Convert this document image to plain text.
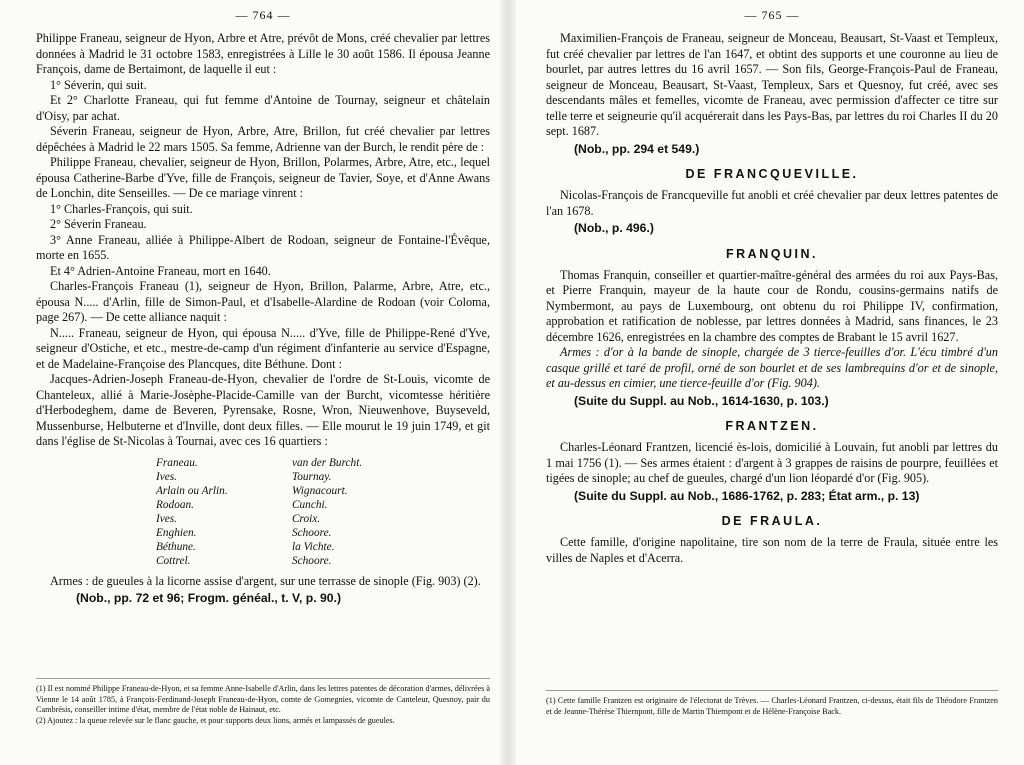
— 764 —

Philippe Franeau, seigneur de Hyon, Arbre et Atre, prévôt de Mons, créé chevalier par lettres données à Madrid le 31 octobre 1583, enregistrées à Lille le 30 août 1586. Il épousa Jeanne François, dame de Bertaimont, de laquelle il eut :

1° Séverin, qui suit.

Et 2° Charlotte Franeau, qui fut femme d'Antoine de Tournay, seigneur et châtelain d'Oisy, par achat.

Séverin Franeau, seigneur de Hyon, Arbre, Atre, Brillon, fut créé chevalier par lettres dépêchées à Madrid le 22 mars 1505. Sa femme, Adrienne van der Burch, le rendit père de :

Philippe Franeau, chevalier, seigneur de Hyon, Brillon, Polarmes, Arbre, Atre, etc., lequel épousa Catherine-Barbe d'Yve, fille de François, seigneur de Tavier, Soye, et d'Anne Awans de Lonchin, dite Senseilles. — De ce mariage vinrent :

1° Charles-François, qui suit.

2° Séverin Franeau.

3° Anne Franeau, alliée à Philippe-Albert de Rodoan, seigneur de Fontaine-l'Évêque, morte en 1655.

Et 4° Adrien-Antoine Franeau, mort en 1640.

Charles-François Franeau (1), seigneur de Hyon, Brillon, Palarme, Arbre, Atre, etc., épousa N..... d'Arlin, fille de Simon-Paul, et d'Isabelle-Alardine de Rodoan (voir Coloma, page 267). — De cette alliance naquit :

N..... Franeau, seigneur de Hyon, qui épousa N..... d'Yve, fille de Philippe-René d'Yve, seigneur d'Ostiche, et etc., mestre-de-camp d'un régiment d'infanterie au service d'Espagne, et de Madelaine-Françoise des Plancques, dite Béthune. Dont :

Jacques-Adrien-Joseph Franeau-de-Hyon, chevalier de l'ordre de St-Louis, vicomte de Chanteleux, allié à Marie-Josèphe-Placide-Camille van der Burcht, vicomtesse héritière d'Herbodeghem, dame de Beveren, Pyrensake, Rosne, Wron, Nieuwenhove, Buyseveld, Mussenburse, Helbuterne et d'Inville, dont deux filles. — Elle mourut le 19 juin 1749, et git dans l'église de St-Nicolas à Tournai, avec ces 16 quartiers :

Franeau.	van der Burcht.
Ives.	Tournay.
Arlain ou Arlin.	Wignacourt.
Rodoan.	Cunchi.
Ives.	Croix.
Enghien.	Schoore.
Béthune.	la Vichte.
Cottrel.	Schoore.

Armes : de gueules à la licorne assise d'argent, sur une terrasse de sinople (Fig. 903) (2).

(Nob., pp. 72 et 96; Frogm. généal., t. V, p. 90.)

(1) Il est nommé Philippe Franeau-de-Hyon, et sa femme Anne-Isabelle d'Arlin, dans les lettres patentes de décoration d'armes, délivrées à Vienne le 14 août 1785, à François-Ferdinand-Joseph Franeau-de-Hyon, comte de Gomegnies, vicomte de Canteleur, Quesnoy, pair du Cambrésis, conseiller intime d'état, membre de l'état noble de Hainaut, etc.

(2) Ajoutez : la queue relevée sur le flanc gauche, et pour supports deux lions, armés et lampassés de gueules.

— 765 —

Maximilien-François de Franeau, seigneur de Monceau, Beausart, St-Vaast et Templeux, fut créé chevalier par lettres de l'an 1647, et obtint des supports et une couronne au lieu de bourlet, par autres lettres du 16 avril 1657. — Son fils, George-François-Paul de Franeau, seigneur de Monceau, Beausart, St-Vaast, Templeux, Sars et Quesnoy, fut créé, avec ses descendants mâles et femelles, vicomte de Franeau, avec permission d'affecter ce titre sur telle terre et seigneurie qu'il acquérerait dans les Pays-Bas, par lettres du roi Charles II du 20 sept. 1687.

(Nob., pp. 294 et 549.)

DE FRANCQUEVILLE.

Nicolas-François de Francqueville fut anobli et créé chevalier par deux lettres patentes de l'an 1678.

(Nob., p. 496.)

FRANQUIN.

Thomas Franquin, conseiller et quartier-maître-général des armées du roi aux Pays-Bas, et Pierre Franquin, mayeur de la haute cour de Rondu, cousins-germains natifs de Nymbermont, au pays de Luxembourg, ont obtenu du roi Philippe IV, confirmation, approbation et ratification de noblesse, par lettres données à Madrid, sans finances, le 23 décembre 1626, enregistrées en la chambre des comptes de Brabant le 15 avril 1627.

Armes : d'or à la bande de sinople, chargée de 3 tierce-feuilles d'or. L'écu timbré d'un casque grillé et taré de profil, orné de son bourlet et de ses lambrequins d'or et de sinople, et au-dessus en cimier, une tierce-feuille d'or (Fig. 904).

(Suite du Suppl. au Nob., 1614-1630, p. 103.)

FRANTZEN.

Charles-Léonard Frantzen, licencié ès-lois, domicilié à Louvain, fut anobli par lettres du 1 mai 1756 (1). — Ses armes étaient : d'argent à 3 grappes de raisins de pourpre, feuillées et tigées de sinople; au chef de gueules, chargé d'un lion léopardé d'or (Fig. 905).

(Suite du Suppl. au Nob., 1686-1762, p. 283; État arm., p. 13)

DE FRAULA.

Cette famille, d'origine napolitaine, tire son nom de la terre de Fraula, située entre les villes de Naples et d'Acerra.

(1) Cette famille Frantzen est originaire de l'électorat de Trèves. — Charles-Léonard Frantzen, ci-dessus, était fils de Théodore Frantzen et de Jeanne-Thérèse Thiernpont, fille de Martin Thiernpont et de Hélène-Françoise Back.
